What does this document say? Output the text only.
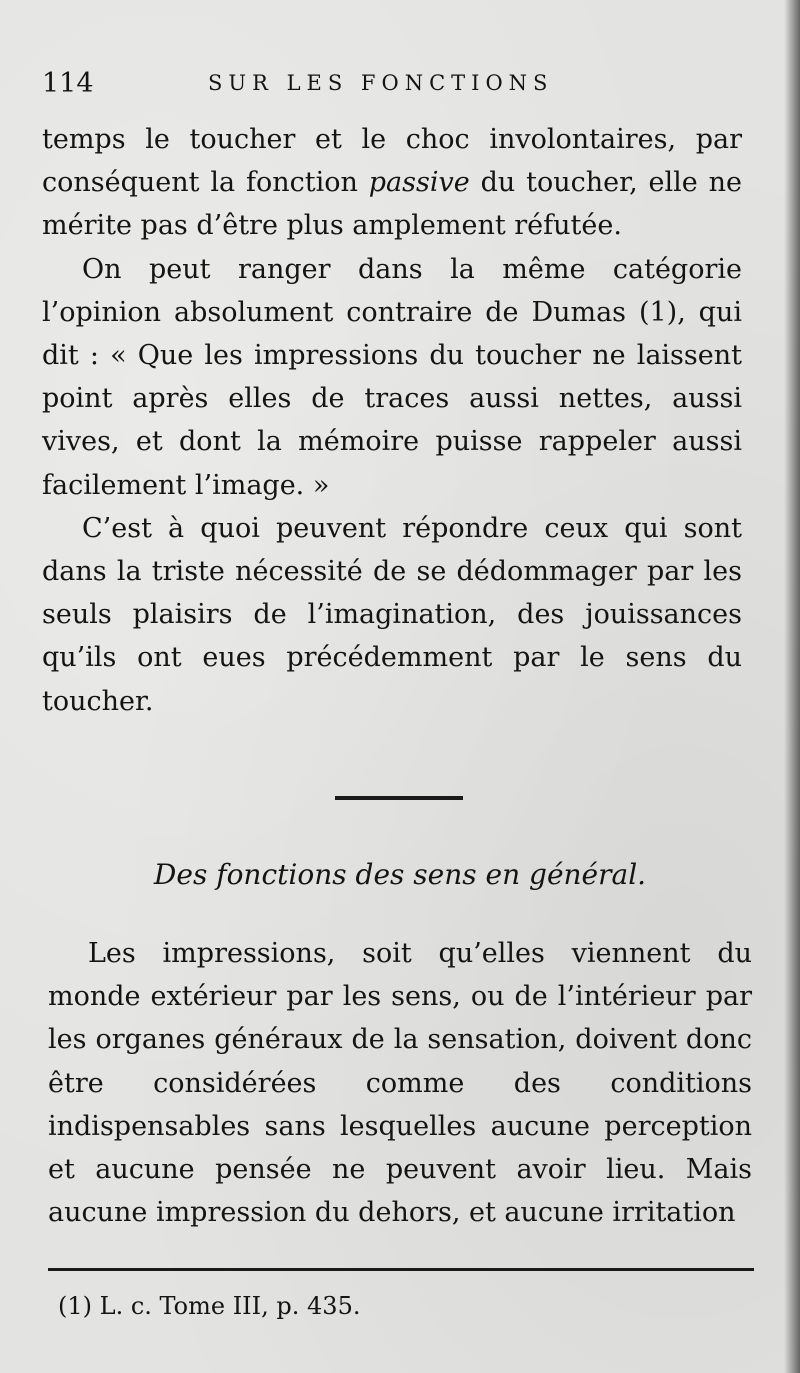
114	SUR LES FONCTIONS

temps le toucher et le choc involontaires, par conséquent la fonction passive du toucher, elle ne mérite pas d’être plus amplement réfutée.

On peut ranger dans la même catégorie l’opinion absolument contraire de Dumas (1), qui dit : « Que les impressions du toucher ne laissent point après elles de traces aussi nettes, aussi vives, et dont la mémoire puisse rappeler aussi facilement l’image. »

C’est à quoi peuvent répondre ceux qui sont dans la triste nécessité de se dédommager par les seuls plaisirs de l’imagination, des jouissances qu’ils ont eues précédemment par le sens du toucher.

Des fonctions des sens en général.

Les impressions, soit qu’elles viennent du monde extérieur par les sens, ou de l’intérieur par les organes généraux de la sensation, doivent donc être considérées comme des conditions indispensables sans lesquelles aucune perception et aucune pensée ne peuvent avoir lieu. Mais aucune impression du dehors, et aucune irritation

(1) L. c. Tome III, p. 435.
